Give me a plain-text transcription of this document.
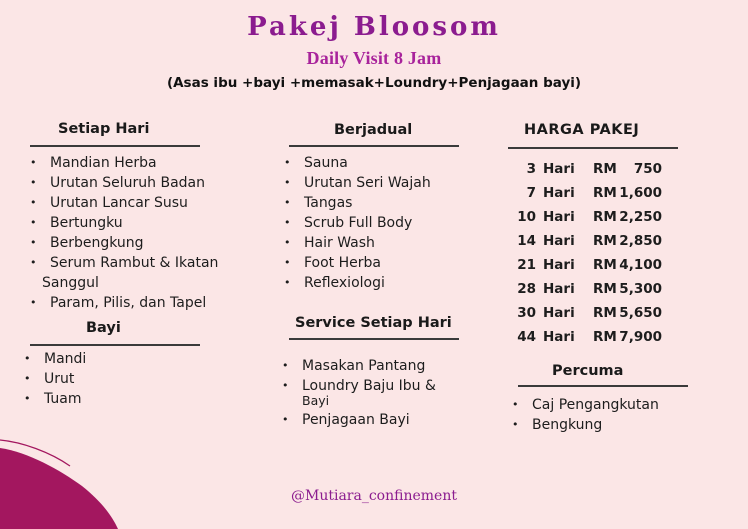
Pakej Bloosom
Daily Visit 8 Jam
(Asas ibu +bayi +memasak+Loundry+Penjagaan bayi)
Setiap Hari
• Mandian Herba
• Urutan Seluruh Badan
• Urutan Lancar Susu
• Bertungku
• Berbengkung
• Serum Rambut & Ikatan
Sanggul
• Param, Pilis, dan Tapel
Bayi
• Mandi
• Urut
• Tuam
Berjadual
• Sauna
• Urutan Seri Wajah
• Tangas
• Scrub Full Body
• Hair Wash
• Foot Herba
• Reflexiologi
Service Setiap Hari
• Masakan Pantang
• Loundry Baju Ibu &
Bayi
• Penjagaan Bayi
HARGA PAKEJ
3 Hari RM 750
7 Hari RM 1,600
10 Hari RM 2,250
14 Hari RM 2,850
21 Hari RM 4,100
28 Hari RM 5,300
30 Hari RM 5,650
44 Hari RM 7,900
Percuma
• Caj Pengangkutan
• Bengkung
@Mutiara_confinement
